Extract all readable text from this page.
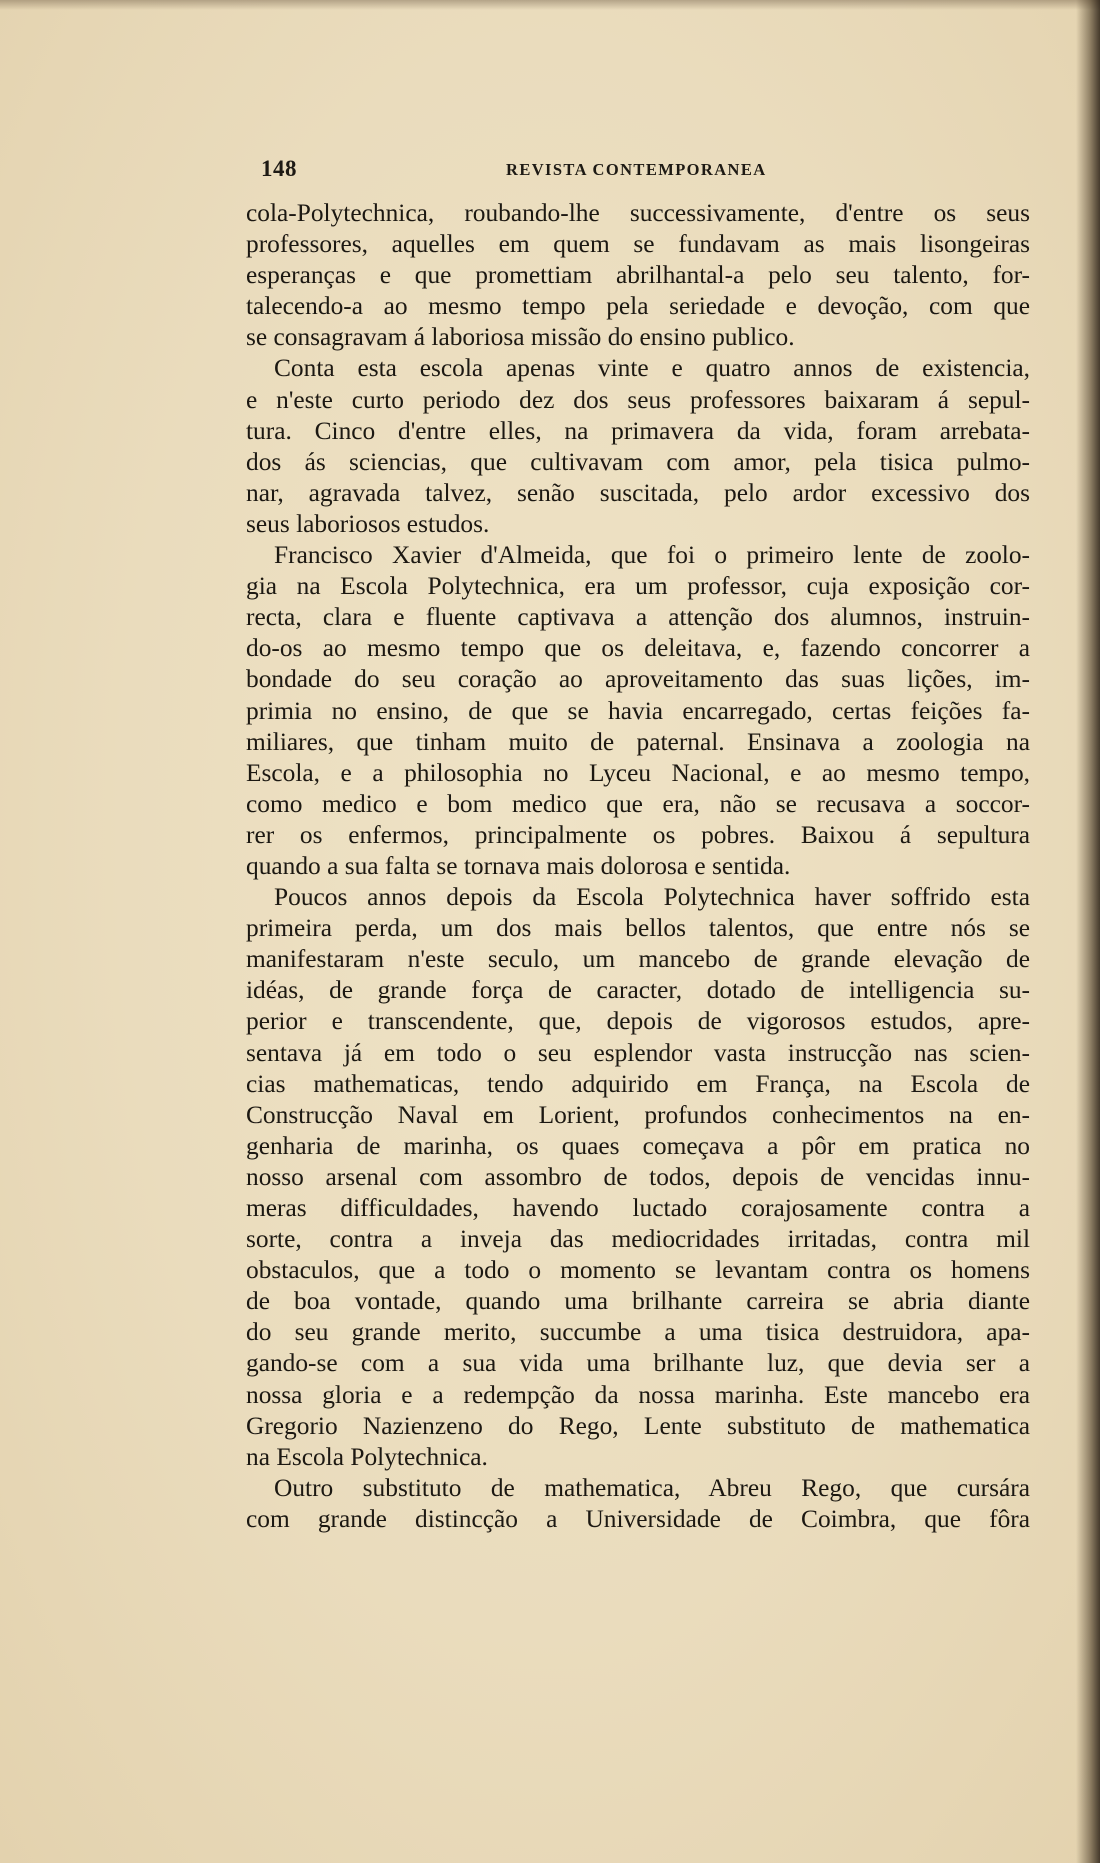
148	REVISTA CONTEMPORANEA
cola-Polytechnica, roubando-lhe successivamente, d'entre os seus
professores, aquelles em quem se fundavam as mais lisongeiras
esperanças e que promettiam abrilhantal-a pelo seu talento, for-
talecendo-a ao mesmo tempo pela seriedade e devoção, com que
se consagravam á laboriosa missão do ensino publico.
Conta esta escola apenas vinte e quatro annos de existencia,
e n'este curto periodo dez dos seus professores baixaram á sepul-
tura. Cinco d'entre elles, na primavera da vida, foram arrebata-
dos ás sciencias, que cultivavam com amor, pela tisica pulmo-
nar, agravada talvez, senão suscitada, pelo ardor excessivo dos
seus laboriosos estudos.
Francisco Xavier d'Almeida, que foi o primeiro lente de zoolo-
gia na Escola Polytechnica, era um professor, cuja exposição cor-
recta, clara e fluente captivava a attenção dos alumnos, instruin-
do-os ao mesmo tempo que os deleitava, e, fazendo concorrer a
bondade do seu coração ao aproveitamento das suas lições, im-
primia no ensino, de que se havia encarregado, certas feições fa-
miliares, que tinham muito de paternal. Ensinava a zoologia na
Escola, e a philosophia no Lyceu Nacional, e ao mesmo tempo,
como medico e bom medico que era, não se recusava a soccor-
rer os enfermos, principalmente os pobres. Baixou á sepultura
quando a sua falta se tornava mais dolorosa e sentida.
Poucos annos depois da Escola Polytechnica haver soffrido esta
primeira perda, um dos mais bellos talentos, que entre nós se
manifestaram n'este seculo, um mancebo de grande elevação de
idéas, de grande força de caracter, dotado de intelligencia su-
perior e transcendente, que, depois de vigorosos estudos, apre-
sentava já em todo o seu esplendor vasta instrucção nas scien-
cias mathematicas, tendo adquirido em França, na Escola de
Construcção Naval em Lorient, profundos conhecimentos na en-
genharia de marinha, os quaes começava a pôr em pratica no
nosso arsenal com assombro de todos, depois de vencidas innu-
meras difficuldades, havendo luctado corajosamente contra a
sorte, contra a inveja das mediocridades irritadas, contra mil
obstaculos, que a todo o momento se levantam contra os homens
de boa vontade, quando uma brilhante carreira se abria diante
do seu grande merito, succumbe a uma tisica destruidora, apa-
gando-se com a sua vida uma brilhante luz, que devia ser a
nossa gloria e a redempção da nossa marinha. Este mancebo era
Gregorio Nazienzeno do Rego, Lente substituto de mathematica
na Escola Polytechnica.
Outro substituto de mathematica, Abreu Rego, que cursára
com grande distincção a Universidade de Coimbra, que fôra
